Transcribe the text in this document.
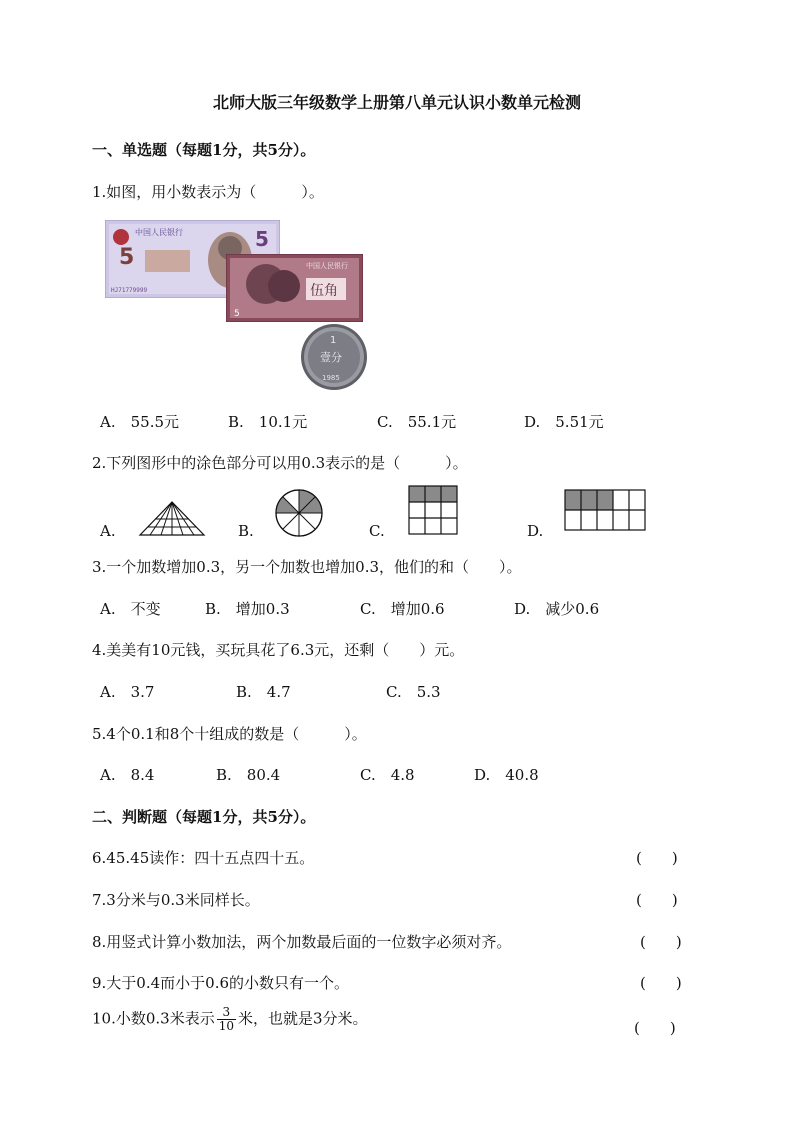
北师大版三年级数学上册第八单元认识小数单元检测
一、单选题（每题1分，共5分）。
1.如图，用小数表示为（　　　）。
中国人民银行
5
HJ71779999
5
中国人民银行
伍角
5
1
壹分
1985
A.　55.5元	B.　10.1元	C.　55.1元	D.　5.51元
2.下列图形中的涂色部分可以用0.3表示的是（　　　）。
A.	B.	C.	D.
3.一个加数增加0.3，另一个加数也增加0.3，他们的和（　　）。
A.　不变	B.　增加0.3	C.　增加0.6	D.　减少0.6
4.美美有10元钱，买玩具花了6.3元，还剩（　　）元。
A.　3.7	B.　4.7	C.　5.3
5.4个0.1和8个十组成的数是（　　　）。
A.　8.4	B.　80.4	C.　4.8	D.　40.8
二、判断题（每题1分，共5分）。
6.45.45读作：四十五点四十五。	(　　)
7.3分米与0.3米同样长。	(　　)
8.用竖式计算小数加法，两个加数最后面的一位数字必须对齐。	(　　)
9.大于0.4而小于0.6的小数只有一个。	(　　)
10.小数0.3米表示 $\frac{3}{10}$ 米，也就是3分米。
(　　)
